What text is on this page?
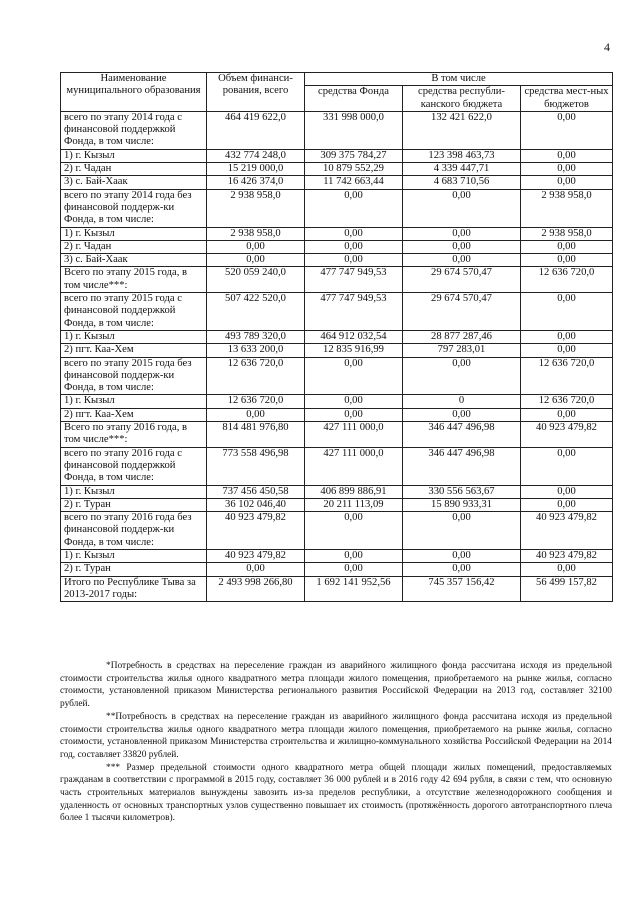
4
Наименование муниципального образования	Объем финанси-рования, всего	В том числе		
		средства Фонда	средства республи-канского бюджета	средства мест-ных бюджетов
всего по этапу 2014 года с финансовой поддержкой Фонда, в том числе:	464 419 622,0	331 998 000,0	132 421 622,0	0,00
1) г. Кызыл	432 774 248,0	309 375 784,27	123 398 463,73	0,00
2) г. Чадан	15 219 000,0	10 879 552,29	4 339 447,71	0,00
3) с. Бай-Хаак	16 426 374,0	11 742 663,44	4 683 710,56	0,00
всего по этапу 2014 года без финансовой поддерж-ки Фонда, в том числе:	2 938 958,0	0,00	0,00	2 938 958,0
1) г. Кызыл	2 938 958,0	0,00	0,00	2 938 958,0
2) г. Чадан	0,00	0,00	0,00	0,00
3) с. Бай-Хаак	0,00	0,00	0,00	0,00
Всего по этапу 2015 года, в том числе***:	520 059 240,0	477 747 949,53	29 674 570,47	12 636 720,0
всего по этапу 2015 года с финансовой поддержкой Фонда, в том числе:	507 422 520,0	477 747 949,53	29 674 570,47	0,00
1) г. Кызыл	493 789 320,0	464 912 032,54	28 877 287,46	0,00
2) пгт. Каа-Хем	13 633 200,0	12 835 916,99	797 283,01	0,00
всего по этапу 2015 года без финансовой поддерж-ки Фонда, в том числе:	12 636 720,0	0,00	0,00	12 636 720,0
1) г. Кызыл	12 636 720,0	0,00	0	12 636 720,0
2) пгт. Каа-Хем	0,00	0,00	0,00	0,00
Всего по этапу 2016 года, в том числе***:	814 481 976,80	427 111 000,0	346 447 496,98	40 923 479,82
всего по этапу 2016 года с финансовой поддержкой Фонда, в том числе:	773 558 496,98	427 111 000,0	346 447 496,98	0,00
1) г. Кызыл	737 456 450,58	406 899 886,91	330 556 563,67	0,00
2) г. Туран	36 102 046,40	20 211 113,09	15 890 933,31	0,00
всего по этапу 2016 года без финансовой поддерж-ки Фонда, в том числе:	40 923 479,82	0,00	0,00	40 923 479,82
1) г. Кызыл	40 923 479,82	0,00	0,00	40 923 479,82
2) г. Туран	0,00	0,00	0,00	0,00
Итого по Республике Тыва за 2013-2017 годы:	2 493 998 266,80	1 692 141 952,56	745 357 156,42	56 499 157,82

*Потребность в средствах на переселение граждан из аварийного жилищного фонда рассчитана исходя из предельной стоимости строительства жилья одного квадратного метра площади жилого помещения, приобретаемого на рынке жилья, согласно стоимости, установленной приказом Министерства регионального развития Российской Федерации на 2013 год, составляет 32100 рублей.

**Потребность в средствах на переселение граждан из аварийного жилищного фонда рассчитана исходя из предельной стоимости строительства жилья одного квадратного метра площади жилого помещения, приобретаемого на рынке жилья, согласно стоимости, установленной приказом Министерства строительства и жилищно-коммунального хозяйства Российской Федерации на 2014 год, составляет 33820 рублей.

*** Размер предельной стоимости одного квадратного метра общей площади жилых помещений, предоставляемых гражданам в соответствии с программой в 2015 году, составляет 36 000 рублей и в 2016 году 42 694 рубля, в связи с тем, что основную часть строительных материалов вынуждены завозить из-за пределов республики, а отсутствие железнодорожного сообщения и удаленность от основных транспортных узлов существенно повышает их стоимость (протяжённость дорогого автотранспортного плеча более 1 тысячи километров).
